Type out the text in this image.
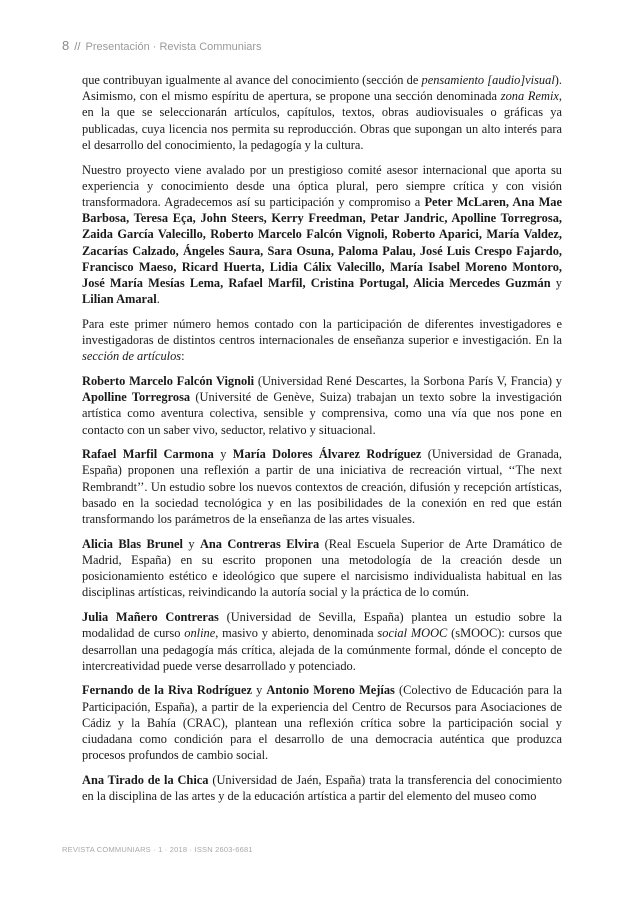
8 // Presentación · Revista Communiars

que contribuyan igualmente al avance del conocimiento (sección de pensamiento [audio]visual). Asimismo, con el mismo espíritu de apertura, se propone una sección denominada zona Remix, en la que se seleccionarán artículos, capítulos, textos, obras audiovisuales o gráficas ya publicadas, cuya licencia nos permita su reproducción. Obras que supongan un alto interés para el desarrollo del conocimiento, la pedagogía y la cultura.

Nuestro proyecto viene avalado por un prestigioso comité asesor internacional que aporta su experiencia y conocimiento desde una óptica plural, pero siempre crítica y con visión transformadora. Agradecemos así su participación y compromiso a Peter McLaren, Ana Mae Barbosa, Teresa Eça, John Steers, Kerry Freedman, Petar Jandric, Apolline Torregrosa, Zaida García Valecillo, Roberto Marcelo Falcón Vignoli, Roberto Aparici, María Valdez, Zacarías Calzado, Ángeles Saura, Sara Osuna, Paloma Palau, José Luis Crespo Fajardo, Francisco Maeso, Ricard Huerta, Lidia Cálix Valecillo, María Isabel Moreno Montoro, José María Mesías Lema, Rafael Marfil, Cristina Portugal, Alicia Mercedes Guzmán y Lilian Amaral.

Para este primer número hemos contado con la participación de diferentes investigadores e investigadoras de distintos centros internacionales de enseñanza superior e investigación. En la sección de artículos:

Roberto Marcelo Falcón Vignoli (Universidad René Descartes, la Sorbona París V, Francia) y Apolline Torregrosa (Université de Genève, Suiza) trabajan un texto sobre la investigación artística como aventura colectiva, sensible y comprensiva, como una vía que nos pone en contacto con un saber vivo, seductor, relativo y situacional.

Rafael Marfil Carmona y María Dolores Álvarez Rodríguez (Universidad de Granada, España) proponen una reflexión a partir de una iniciativa de recreación virtual, ‘‘The next Rembrandt’’. Un estudio sobre los nuevos contextos de creación, difusión y recepción artísticas, basado en la sociedad tecnológica y en las posibilidades de la conexión en red que están transformando los parámetros de la enseñanza de las artes visuales.

Alicia Blas Brunel y Ana Contreras Elvira (Real Escuela Superior de Arte Dramático de Madrid, España) en su escrito proponen una metodología de la creación desde un posicionamiento estético e ideológico que supere el narcisismo individualista habitual en las disciplinas artísticas, reivindicando la autoría social y la práctica de lo común.

Julia Mañero Contreras (Universidad de Sevilla, España) plantea un estudio sobre la modalidad de curso online, masivo y abierto, denominada social MOOC (sMOOC): cursos que desarrollan una pedagogía más crítica, alejada de la comúnmente formal, dónde el concepto de intercreatividad puede verse desarrollado y potenciado.

Fernando de la Riva Rodríguez y Antonio Moreno Mejías (Colectivo de Educación para la Participación, España), a partir de la experiencia del Centro de Recursos para Asociaciones de Cádiz y la Bahía (CRAC), plantean una reflexión crítica sobre la participación social y ciudadana como condición para el desarrollo de una democracia auténtica que produzca procesos profundos de cambio social.

Ana Tirado de la Chica (Universidad de Jaén, España) trata la transferencia del conocimiento en la disciplina de las artes y de la educación artística a partir del elemento del museo como

REVISTA COMMUNIARS · 1 · 2018 · ISSN 2603-6681
